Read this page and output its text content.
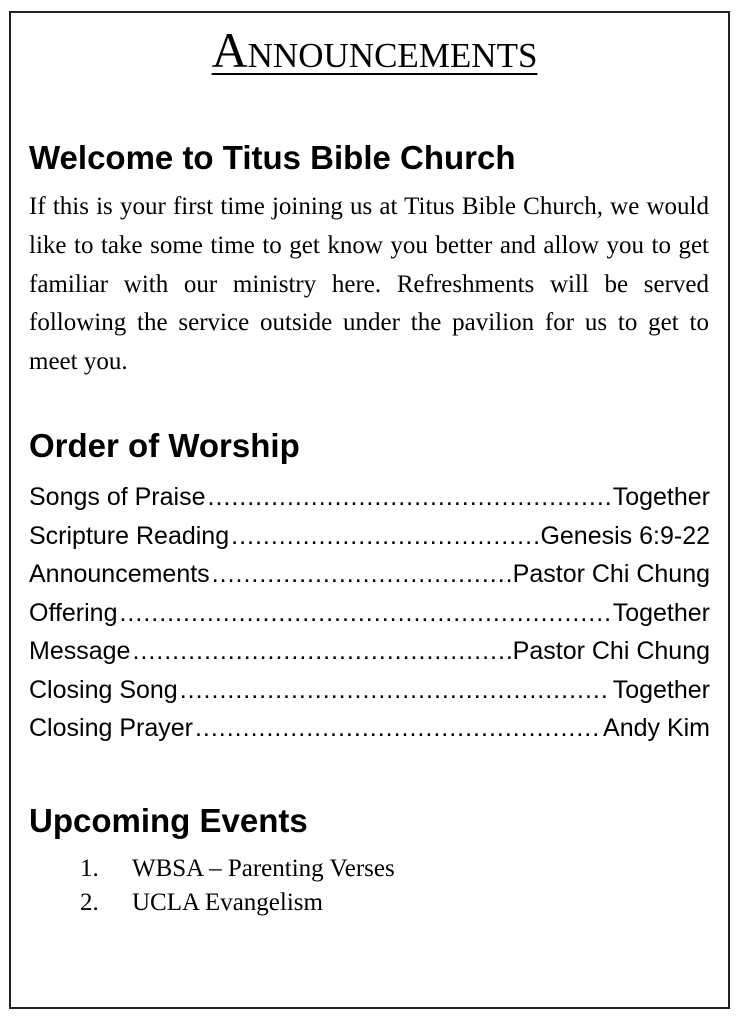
Announcements
Welcome to Titus Bible Church
If this is your first time joining us at Titus Bible Church, we would like to take some time to get know you better and allow you to get familiar with our ministry here. Refreshments will be served following the service outside under the pavilion for us to get to meet you.
Order of Worship
Songs of Praise .....	Together
Scripture Reading .....	Genesis 6:9-22
Announcements .....	Pastor Chi Chung
Offering .....	Together
Message .....	Pastor Chi Chung
Closing Song .....	Together
Closing Prayer .....	Andy Kim
Upcoming Events
1.	WBSA – Parenting Verses
2.	UCLA Evangelism
